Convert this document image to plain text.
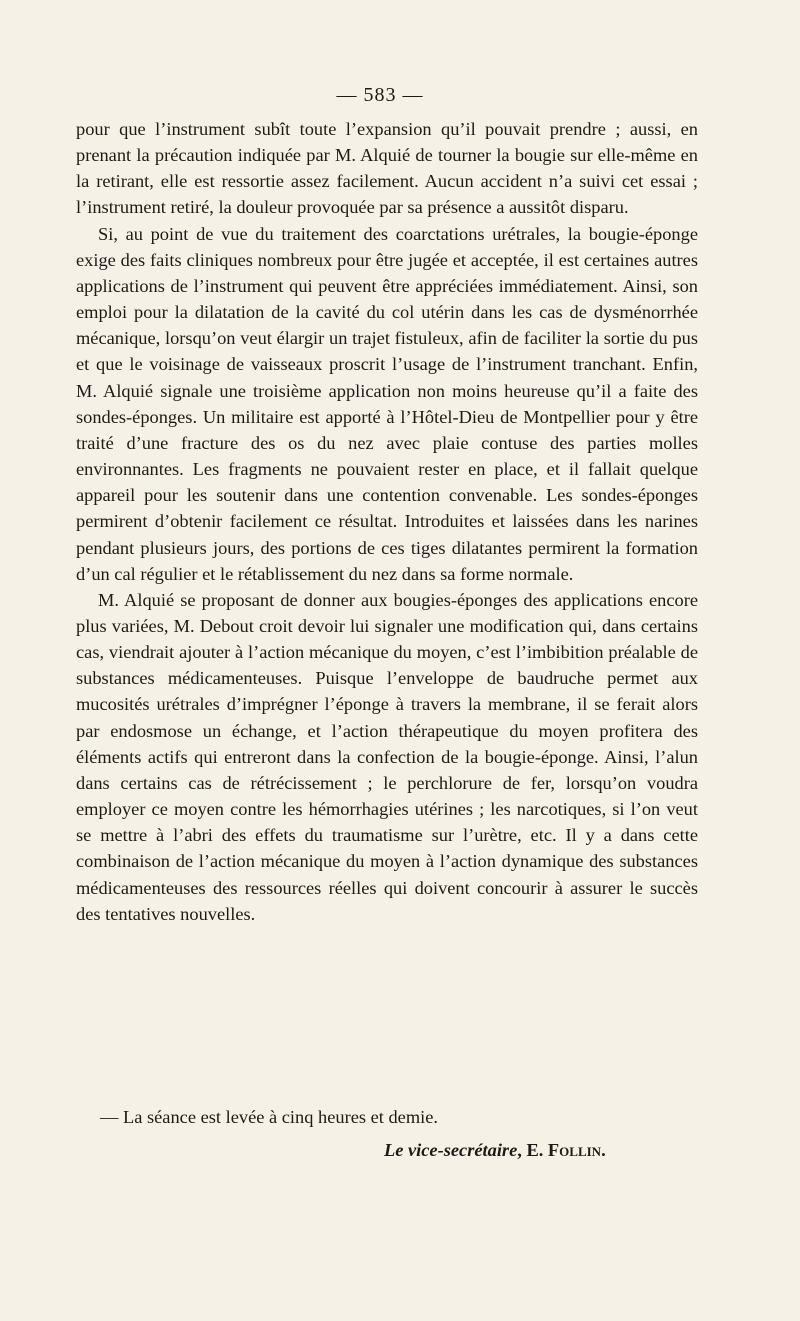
— 583 —

pour que l’instrument subît toute l’expansion qu’il pouvait prendre ; aussi, en prenant la précaution indiquée par M. Alquié de tourner la bougie sur elle-même en la retirant, elle est ressortie assez facilement. Aucun accident n’a suivi cet essai ; l’instrument retiré, la douleur provoquée par sa présence a aussitôt disparu.

Si, au point de vue du traitement des coarctations urétrales, la bougie-éponge exige des faits cliniques nombreux pour être jugée et acceptée, il est certaines autres applications de l’instrument qui peuvent être appréciées immédiatement. Ainsi, son emploi pour la dilatation de la cavité du col utérin dans les cas de dysménorrhée mécanique, lorsqu’on veut élargir un trajet fistuleux, afin de faciliter la sortie du pus et que le voisinage de vaisseaux proscrit l’usage de l’instrument tranchant. Enfin, M. Alquié signale une troisième application non moins heureuse qu’il a faite des sondes-éponges. Un militaire est apporté à l’Hôtel-Dieu de Montpellier pour y être traité d’une fracture des os du nez avec plaie contuse des parties molles environnantes. Les fragments ne pouvaient rester en place, et il fallait quelque appareil pour les soutenir dans une contention convenable. Les sondes-éponges permirent d’obtenir facilement ce résultat. Introduites et laissées dans les narines pendant plusieurs jours, des portions de ces tiges dilatantes permirent la formation d’un cal régulier et le rétablissement du nez dans sa forme normale.

M. Alquié se proposant de donner aux bougies-éponges des applications encore plus variées, M. Debout croit devoir lui signaler une modification qui, dans certains cas, viendrait ajouter à l’action mécanique du moyen, c’est l’imbibition préalable de substances médicamenteuses. Puisque l’enveloppe de baudruche permet aux mucosités urétrales d’imprégner l’éponge à travers la membrane, il se ferait alors par endosmose un échange, et l’action thérapeutique du moyen profitera des éléments actifs qui entreront dans la confection de la bougie-éponge. Ainsi, l’alun dans certains cas de rétrécissement ; le perchlorure de fer, lorsqu’on voudra employer ce moyen contre les hémorrhagies utérines ; les narcotiques, si l’on veut se mettre à l’abri des effets du traumatisme sur l’urètre, etc. Il y a dans cette combinaison de l’action mécanique du moyen à l’action dynamique des substances médicamenteuses des ressources réelles qui doivent concourir à assurer le succès des tentatives nouvelles.

— La séance est levée à cinq heures et demie.
Le vice-secrétaire, E. Follin.
